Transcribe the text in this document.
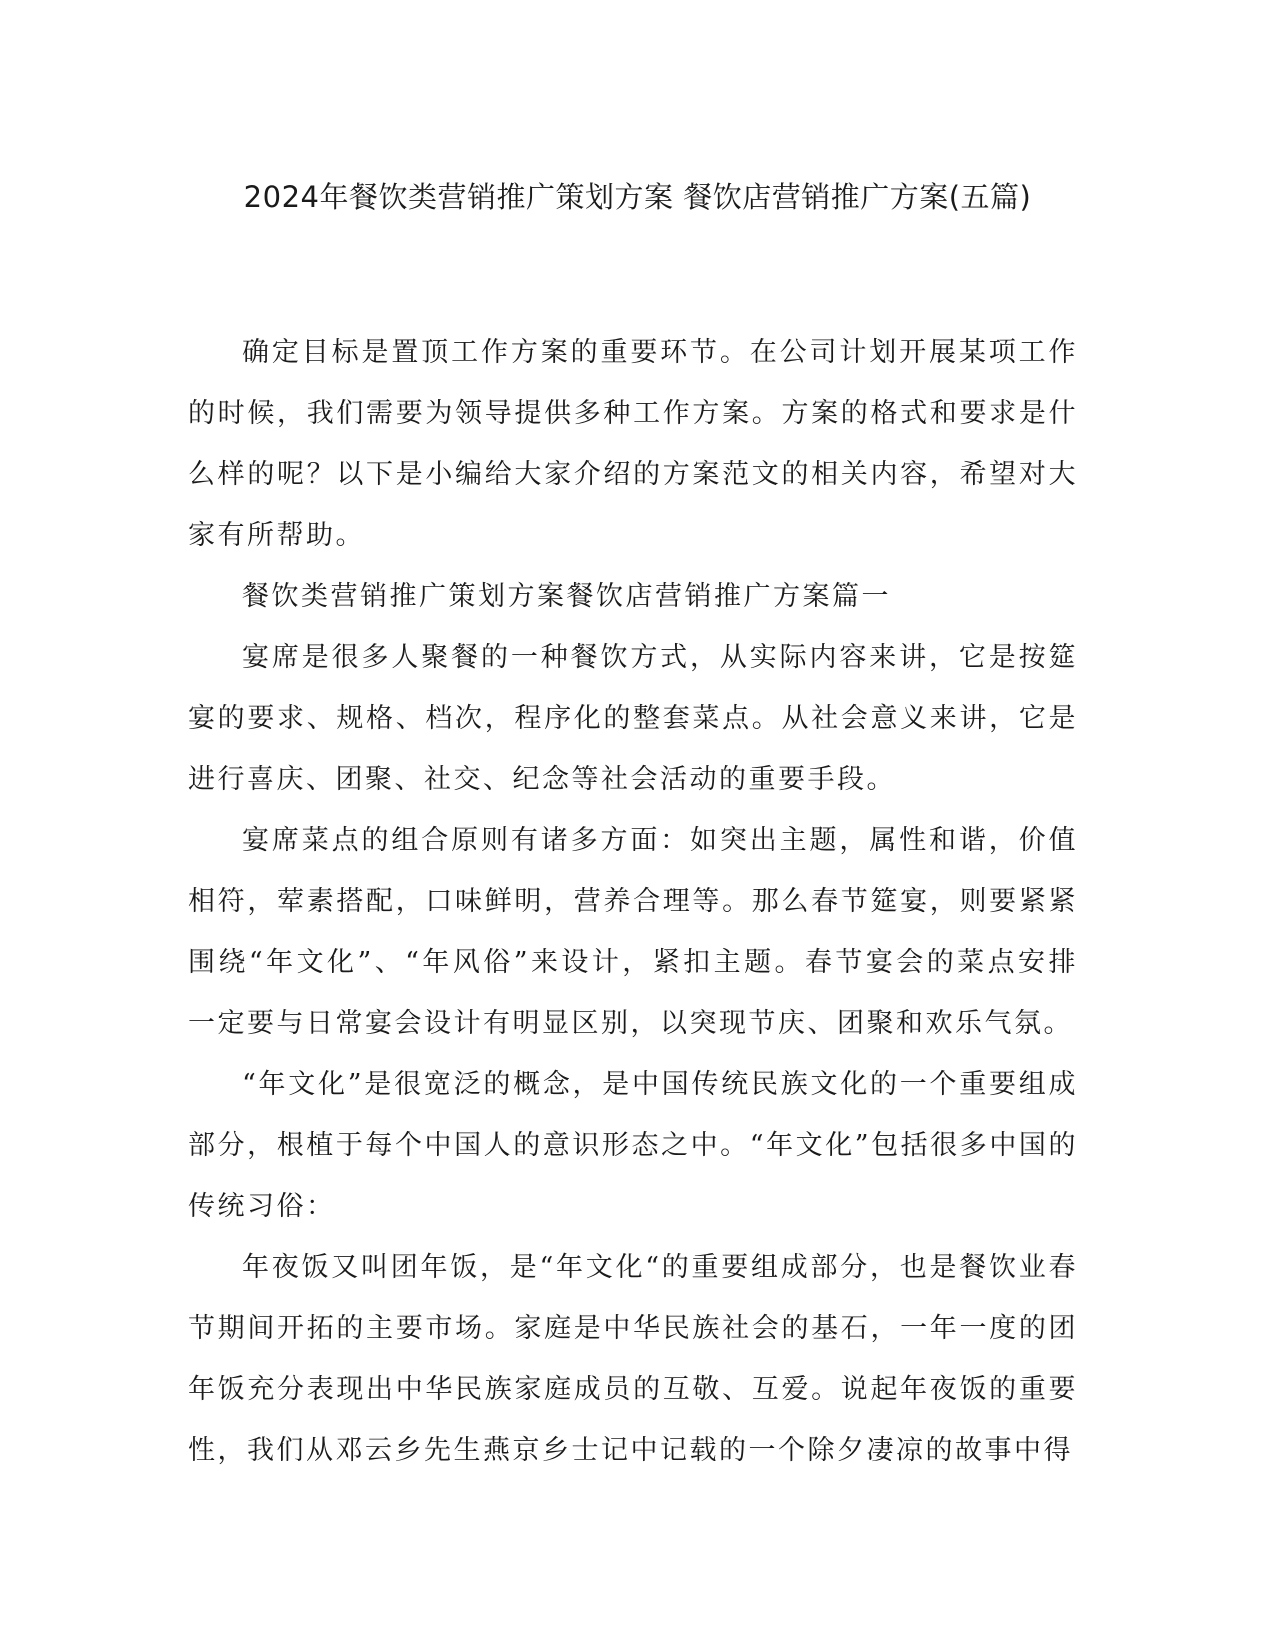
2024年餐饮类营销推广策划方案 餐饮店营销推广方案(五篇)

确定目标是置顶工作方案的重要环节。在公司计划开展某项工作的时候，我们需要为领导提供多种工作方案。方案的格式和要求是什么样的呢？以下是小编给大家介绍的方案范文的相关内容，希望对大家有所帮助。

餐饮类营销推广策划方案餐饮店营销推广方案篇一

宴席是很多人聚餐的一种餐饮方式，从实际内容来讲，它是按筵宴的要求、规格、档次，程序化的整套菜点。从社会意义来讲，它是进行喜庆、团聚、社交、纪念等社会活动的重要手段。

宴席菜点的组合原则有诸多方面：如突出主题，属性和谐，价值相符，荤素搭配，口味鲜明，营养合理等。那么春节筵宴，则要紧紧围绕“年文化”、“年风俗”来设计，紧扣主题。春节宴会的菜点安排一定要与日常宴会设计有明显区别，以突现节庆、团聚和欢乐气氛。

“年文化”是很宽泛的概念，是中国传统民族文化的一个重要组成部分，根植于每个中国人的意识形态之中。“年文化”包括很多中国的传统习俗：

年夜饭又叫团年饭，是“年文化“的重要组成部分，也是餐饮业春节期间开拓的主要市场。家庭是中华民族社会的基石，一年一度的团年饭充分表现出中华民族家庭成员的互敬、互爱。说起年夜饭的重要性，我们从邓云乡先生燕京乡士记中记载的一个除夕凄凉的故事中得
